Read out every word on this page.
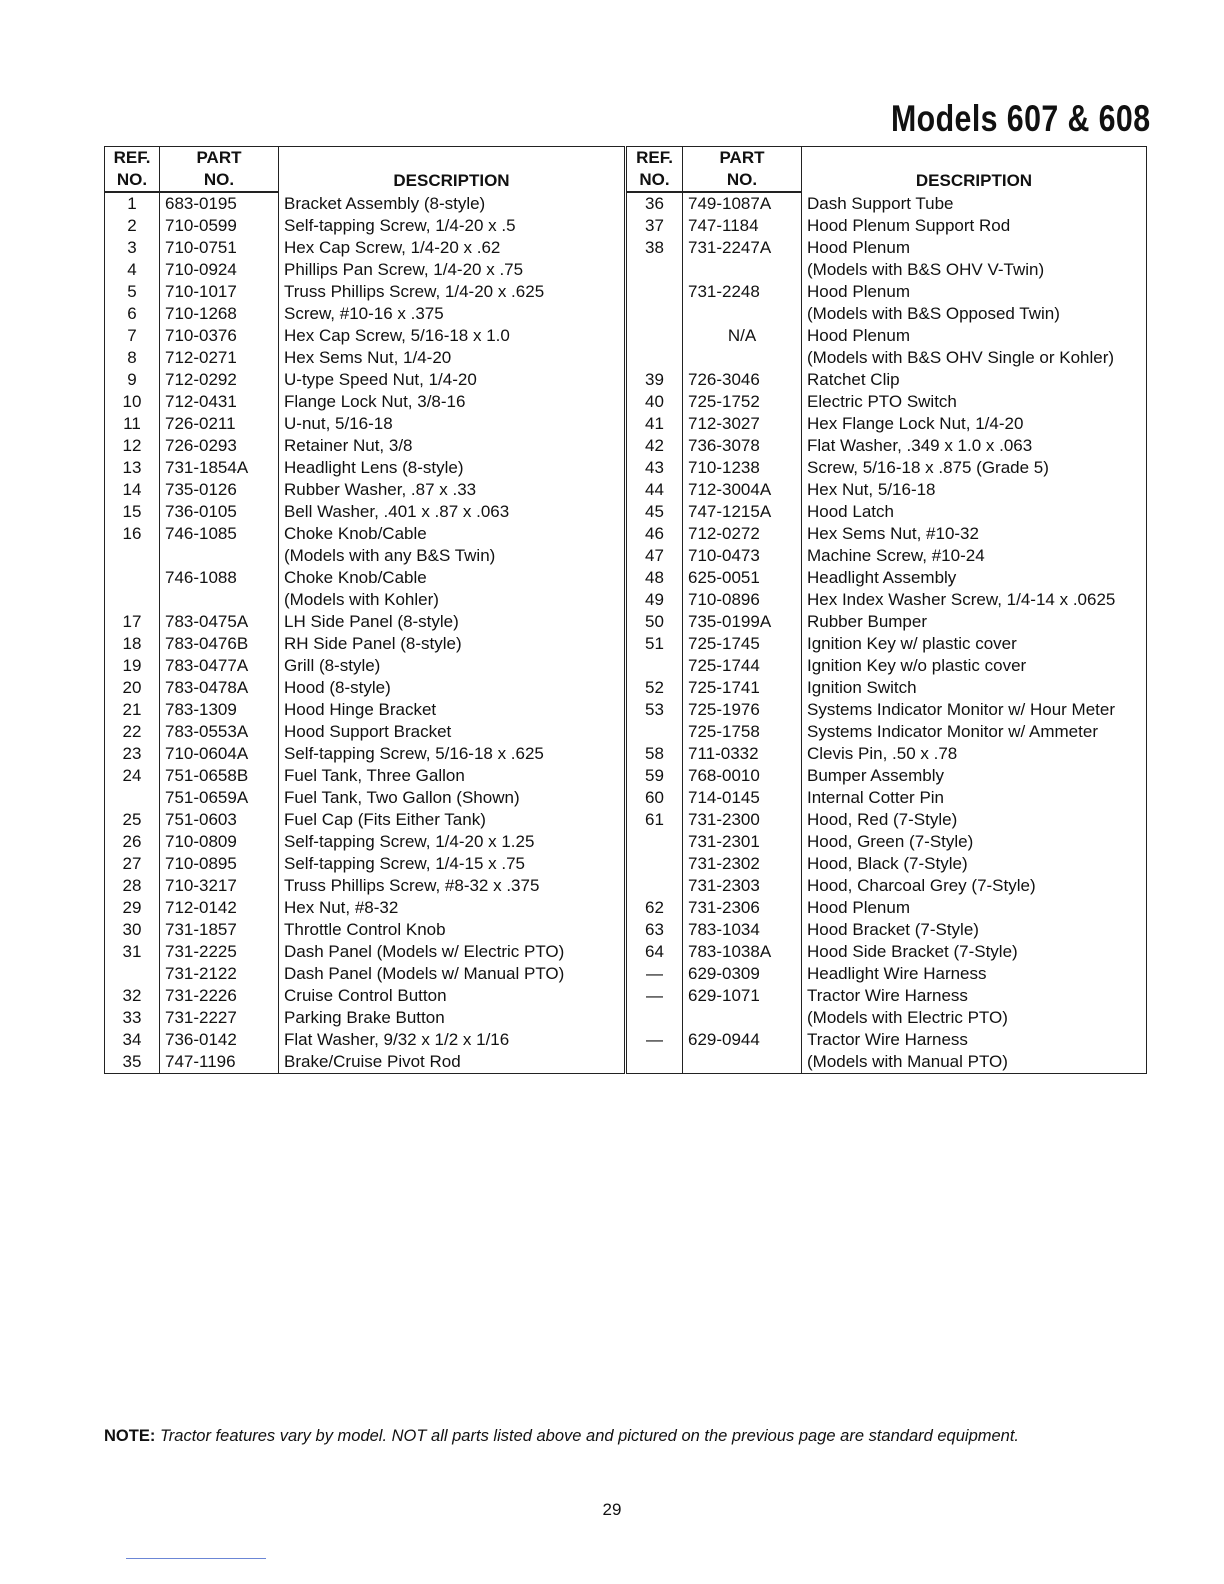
Models 607 & 608
REF.	PART	DESCRIPTION
NO.	NO.	
1	683-0195	Bracket Assembly (8-style)
2	710-0599	Self-tapping Screw, 1/4-20 x .5
3	710-0751	Hex Cap Screw, 1/4-20 x .62
4	710-0924	Phillips Pan Screw, 1/4-20 x .75
5	710-1017	Truss Phillips Screw, 1/4-20 x .625
6	710-1268	Screw, #10-16 x .375
7	710-0376	Hex Cap Screw, 5/16-18 x 1.0
8	712-0271	Hex Sems Nut, 1/4-20
9	712-0292	U-type Speed Nut, 1/4-20
10	712-0431	Flange Lock Nut, 3/8-16
11	726-0211	U-nut, 5/16-18
12	726-0293	Retainer Nut, 3/8
13	731-1854A	Headlight Lens (8-style)
14	735-0126	Rubber Washer, .87 x .33
15	736-0105	Bell Washer, .401 x .87 x .063
16	746-1085	Choke Knob/Cable
		(Models with any B&S Twin)
	746-1088	Choke Knob/Cable
		(Models with Kohler)
17	783-0475A	LH Side Panel (8-style)
18	783-0476B	RH Side Panel (8-style)
19	783-0477A	Grill (8-style)
20	783-0478A	Hood (8-style)
21	783-1309	Hood Hinge Bracket
22	783-0553A	Hood Support Bracket
23	710-0604A	Self-tapping Screw, 5/16-18 x .625
24	751-0658B	Fuel Tank, Three Gallon
	751-0659A	Fuel Tank, Two Gallon (Shown)
25	751-0603	Fuel Cap (Fits Either Tank)
26	710-0809	Self-tapping Screw, 1/4-20 x 1.25
27	710-0895	Self-tapping Screw, 1/4-15 x .75
28	710-3217	Truss Phillips Screw, #8-32 x .375
29	712-0142	Hex Nut, #8-32
30	731-1857	Throttle Control Knob
31	731-2225	Dash Panel (Models w/ Electric PTO)
	731-2122	Dash Panel (Models w/ Manual PTO)
32	731-2226	Cruise Control Button
33	731-2227	Parking Brake Button
34	736-0142	Flat Washer, 9/32 x 1/2 x 1/16
35	747-1196	Brake/Cruise Pivot Rod
REF.	PART	DESCRIPTION
NO.	NO.	
36	749-1087A	Dash Support Tube
37	747-1184	Hood Plenum Support Rod
38	731-2247A	Hood Plenum
		(Models with B&S OHV V-Twin)
	731-2248	Hood Plenum
		(Models with B&S Opposed Twin)
	N/A	Hood Plenum
		(Models with B&S OHV Single or Kohler)
39	726-3046	Ratchet Clip
40	725-1752	Electric PTO Switch
41	712-3027	Hex Flange Lock Nut, 1/4-20
42	736-3078	Flat Washer, .349 x 1.0 x .063
43	710-1238	Screw, 5/16-18 x .875 (Grade 5)
44	712-3004A	Hex Nut, 5/16-18
45	747-1215A	Hood Latch
46	712-0272	Hex Sems Nut, #10-32
47	710-0473	Machine Screw, #10-24
48	625-0051	Headlight Assembly
49	710-0896	Hex Index Washer Screw, 1/4-14 x .0625
50	735-0199A	Rubber Bumper
51	725-1745	Ignition Key w/ plastic cover
	725-1744	Ignition Key w/o plastic cover
52	725-1741	Ignition Switch
53	725-1976	Systems Indicator Monitor w/ Hour Meter
	725-1758	Systems Indicator Monitor w/ Ammeter
58	711-0332	Clevis Pin, .50 x .78
59	768-0010	Bumper Assembly
60	714-0145	Internal Cotter Pin
61	731-2300	Hood, Red (7-Style)
	731-2301	Hood, Green (7-Style)
	731-2302	Hood, Black (7-Style)
	731-2303	Hood, Charcoal Grey (7-Style)
62	731-2306	Hood Plenum
63	783-1034	Hood Bracket (7-Style)
64	783-1038A	Hood Side Bracket (7-Style)
—	629-0309	Headlight Wire Harness
—	629-1071	Tractor Wire Harness
		(Models with Electric PTO)
—	629-0944	Tractor Wire Harness
		(Models with Manual PTO)
NOTE: Tractor features vary by model. NOT all parts listed above and pictured on the previous page are standard equipment.
29
